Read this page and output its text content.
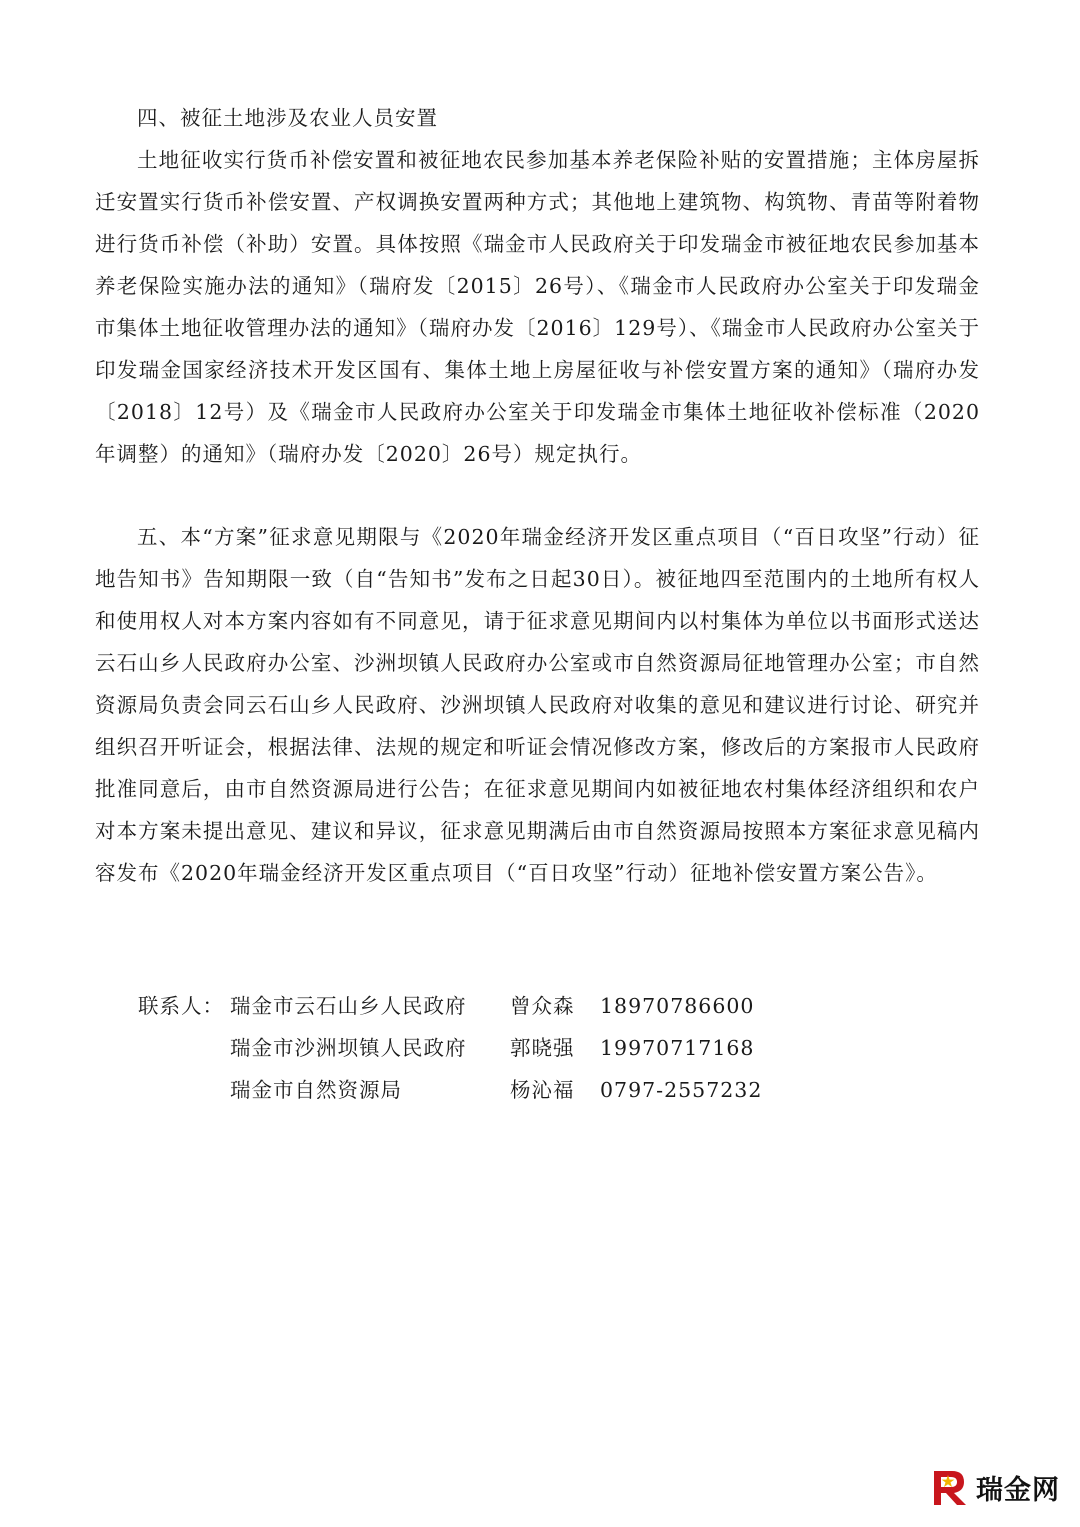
四、被征土地涉及农业人员安置

土地征收实行货币补偿安置和被征地农民参加基本养老保险补贴的安置措施；主体房屋拆迁安置实行货币补偿安置、产权调换安置两种方式；其他地上建筑物、构筑物、青苗等附着物进行货币补偿（补助）安置。具体按照《瑞金市人民政府关于印发瑞金市被征地农民参加基本养老保险实施办法的通知》（瑞府发〔2015〕26号）、《瑞金市人民政府办公室关于印发瑞金市集体土地征收管理办法的通知》（瑞府办发〔2016〕129号）、《瑞金市人民政府办公室关于印发瑞金国家经济技术开发区国有、集体土地上房屋征收与补偿安置方案的通知》（瑞府办发〔2018〕12号）及《瑞金市人民政府办公室关于印发瑞金市集体土地征收补偿标准（2020年调整）的通知》（瑞府办发〔2020〕26号）规定执行。

五、本“方案”征求意见期限与《2020年瑞金经济开发区重点项目（“百日攻坚”行动）征地告知书》告知期限一致（自“告知书”发布之日起30日）。被征地四至范围内的土地所有权人和使用权人对本方案内容如有不同意见，请于征求意见期间内以村集体为单位以书面形式送达云石山乡人民政府办公室、沙洲坝镇人民政府办公室或市自然资源局征地管理办公室；市自然资源局负责会同云石山乡人民政府、沙洲坝镇人民政府对收集的意见和建议进行讨论、研究并组织召开听证会，根据法律、法规的规定和听证会情况修改方案，修改后的方案报市人民政府批准同意后，由市自然资源局进行公告；在征求意见期间内如被征地农村集体经济组织和农户对本方案未提出意见、建议和异议，征求意见期满后由市自然资源局按照本方案征求意见稿内容发布《2020年瑞金经济开发区重点项目（“百日攻坚”行动）征地补偿安置方案公告》。

联系人： 瑞金市云石山乡人民政府 曾众森 18970786600
瑞金市沙洲坝镇人民政府 郭晓强 19970717168
瑞金市自然资源局	杨沁福 0797-2557232
瑞金网
